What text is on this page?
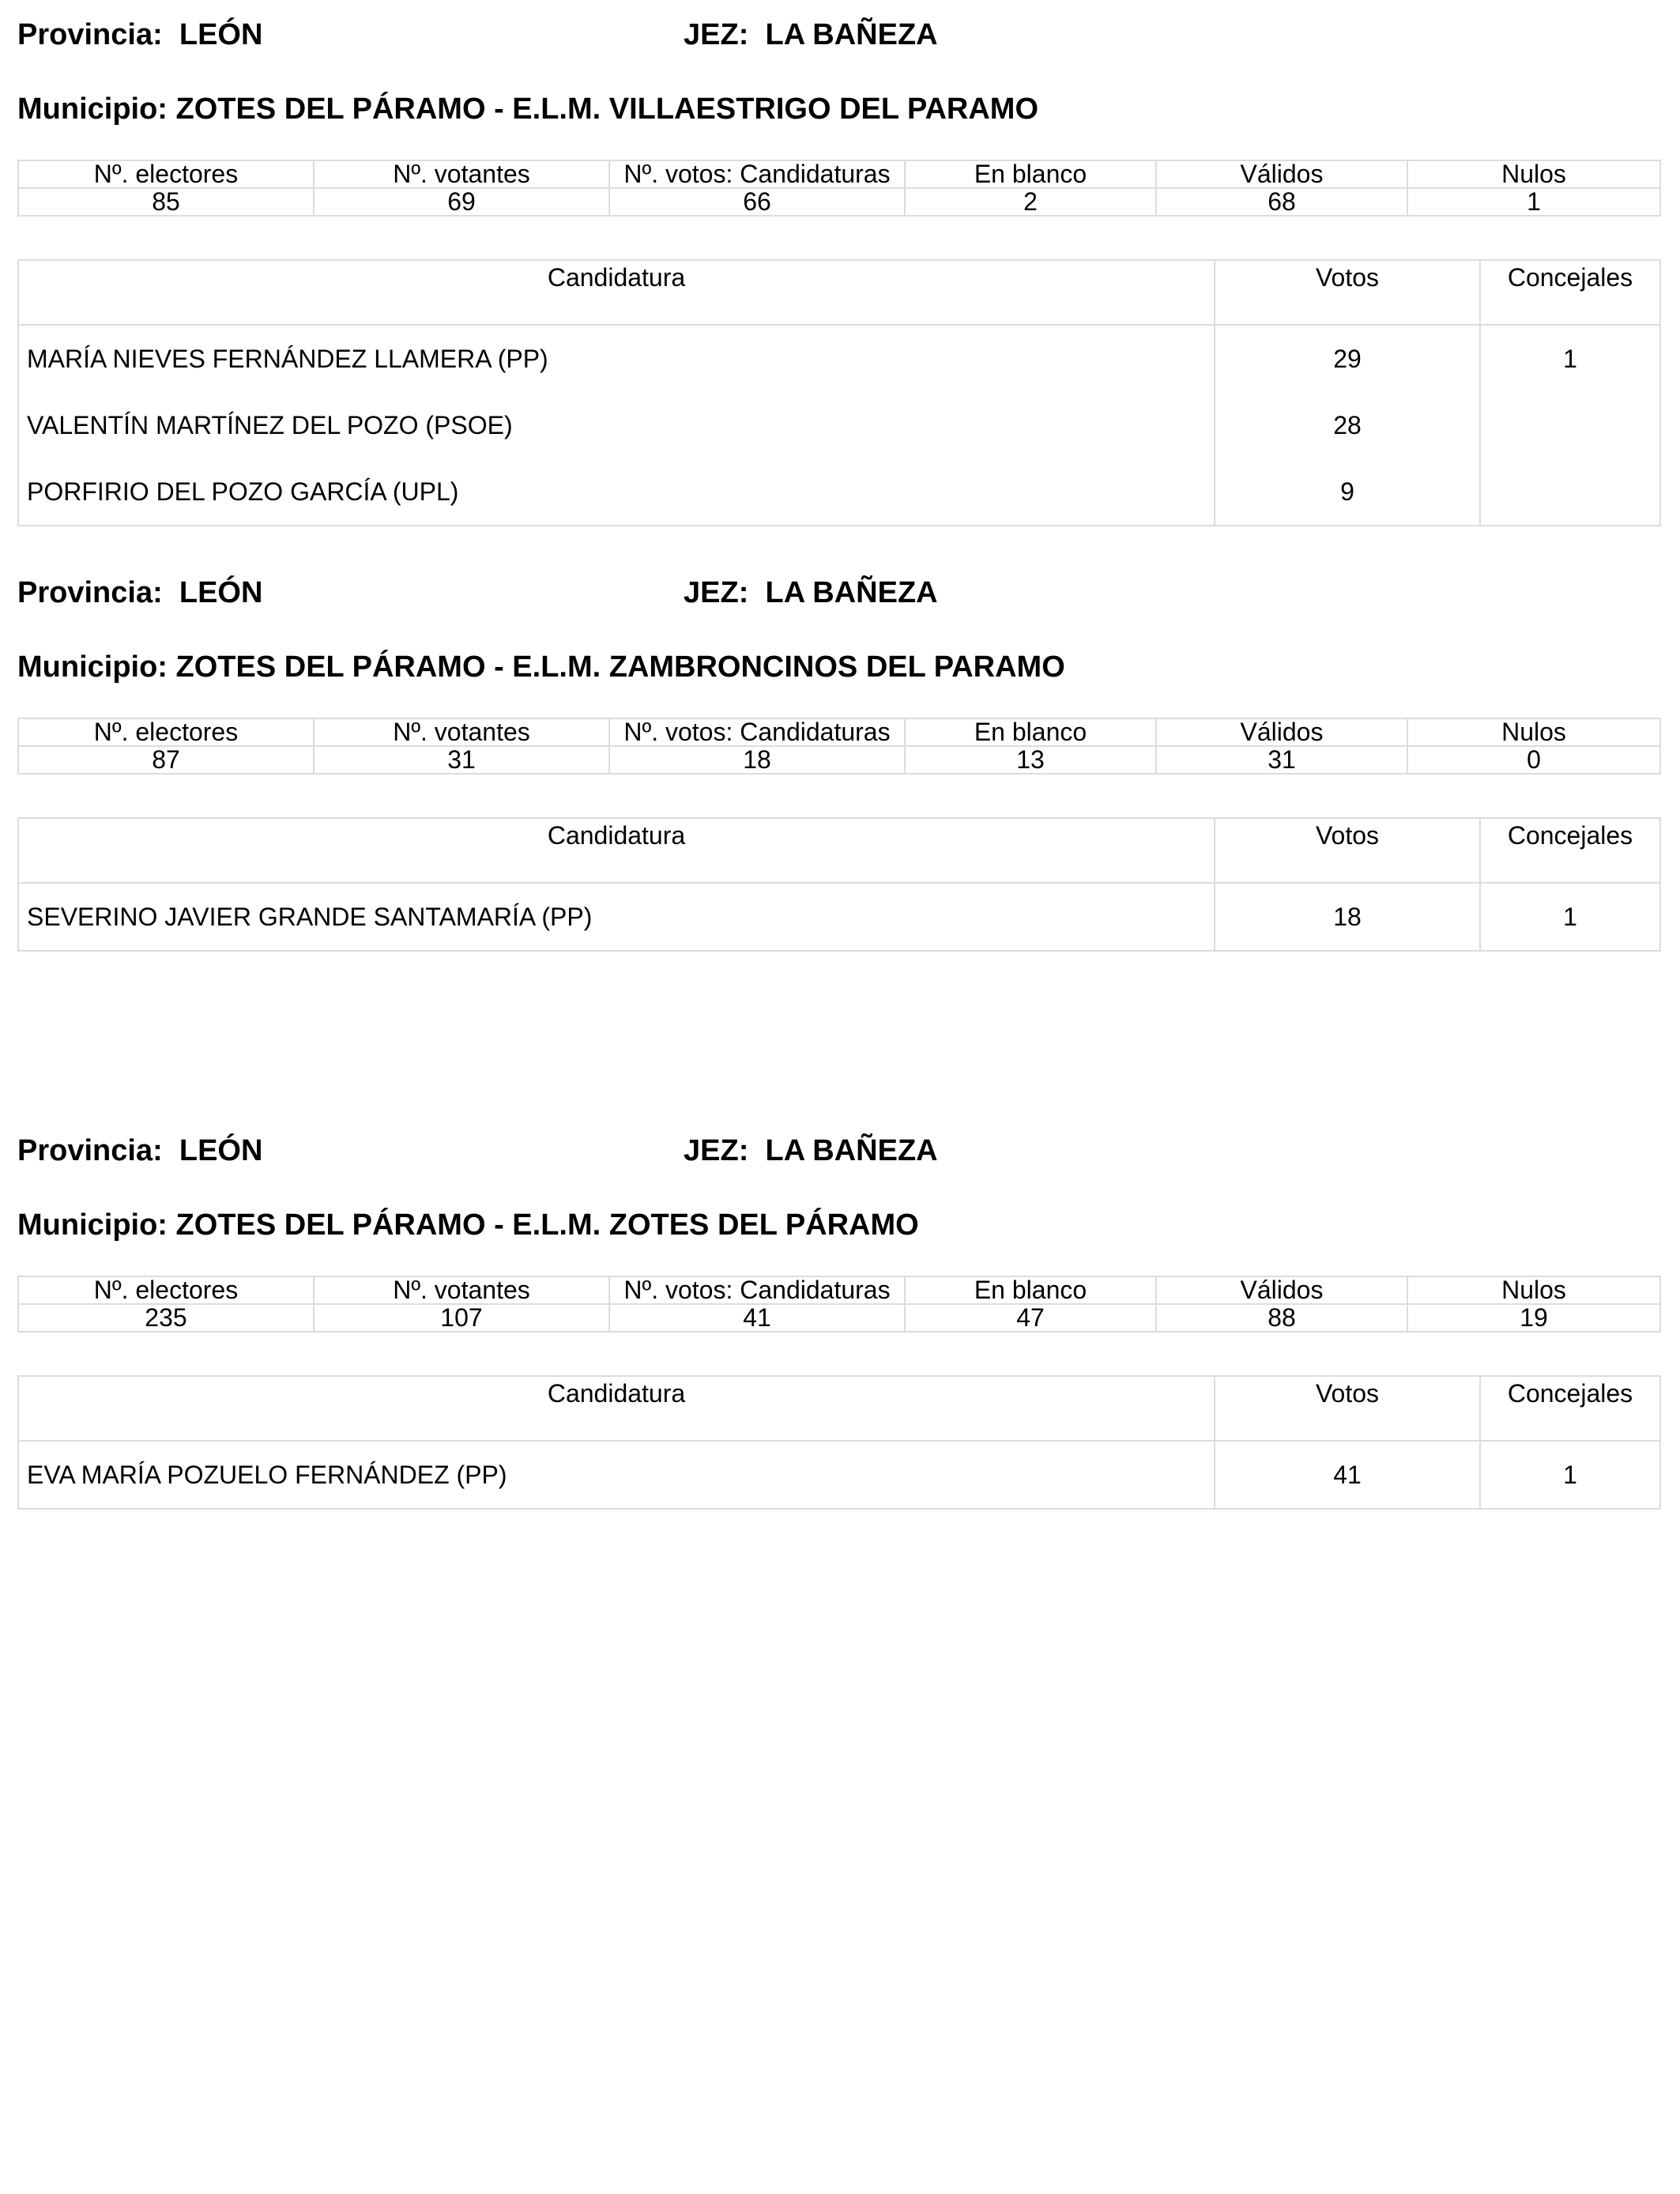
Provincia: LEÓN	JEZ: LA BAÑEZA
Municipio: ZOTES DEL PÁRAMO - E.L.M. VILLAESTRIGO DEL PARAMO
Nº. electores	Nº. votantes	Nº. votos: Candidaturas	En blanco	Válidos	Nulos
85	69	66	2	68	1
Candidatura	Votos	Concejales
MARÍA NIEVES FERNÁNDEZ LLAMERA (PP)	29	1
VALENTÍN MARTÍNEZ DEL POZO (PSOE)	28	
PORFIRIO DEL POZO GARCÍA (UPL)	9	
Provincia: LEÓN	JEZ: LA BAÑEZA
Municipio: ZOTES DEL PÁRAMO - E.L.M. ZAMBRONCINOS DEL PARAMO
Nº. electores	Nº. votantes	Nº. votos: Candidaturas	En blanco	Válidos	Nulos
87	31	18	13	31	0
Candidatura	Votos	Concejales
SEVERINO JAVIER GRANDE SANTAMARÍA (PP)	18	1
Provincia: LEÓN	JEZ: LA BAÑEZA
Municipio: ZOTES DEL PÁRAMO - E.L.M. ZOTES DEL PÁRAMO
Nº. electores	Nº. votantes	Nº. votos: Candidaturas	En blanco	Válidos	Nulos
235	107	41	47	88	19
Candidatura	Votos	Concejales
EVA MARÍA POZUELO FERNÁNDEZ (PP)	41	1
